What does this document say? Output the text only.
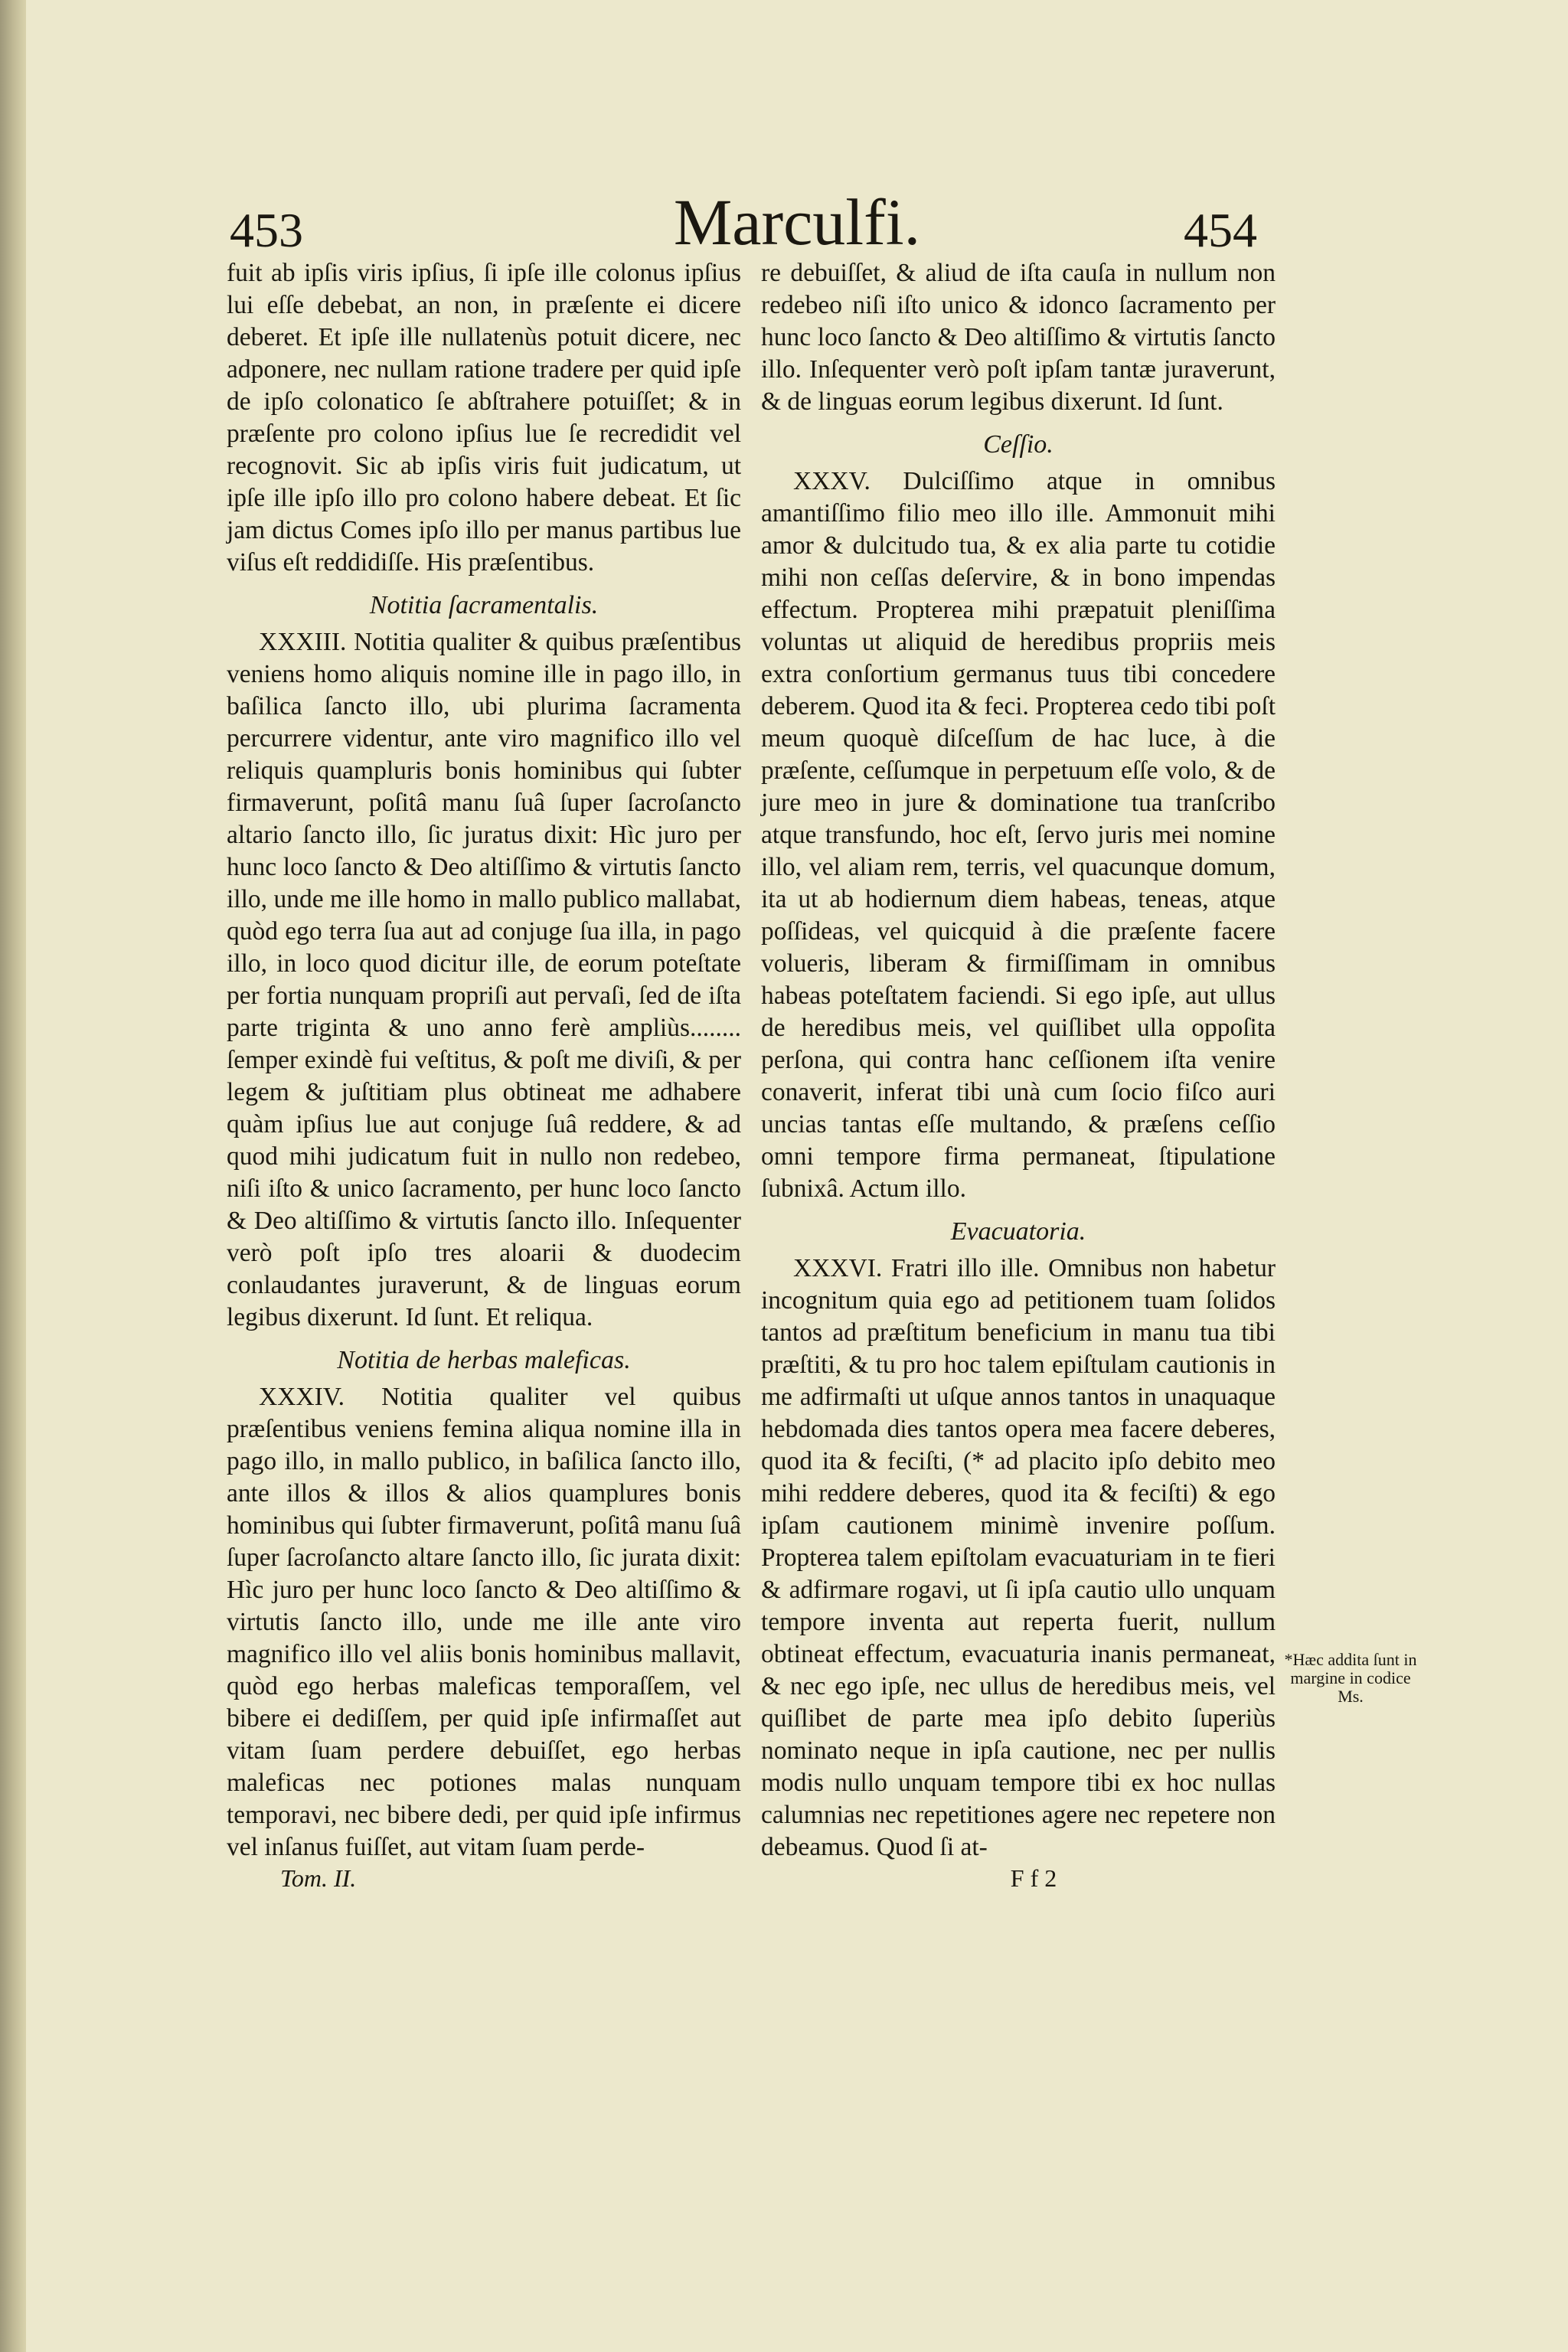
453	Marculfi.	454

fuit ab ipſis viris ipſius, ſi ipſe ille colonus ipſius lui eſſe debebat, an non, in præſente ei dicere deberet. Et ipſe ille nullatenùs potuit dicere, nec adponere, nec nullam ratione tradere per quid ipſe de ipſo colonatico ſe abſtrahere potuiſſet; & in præſente pro colono ipſius lue ſe recredidit vel recognovit. Sic ab ipſis viris fuit judicatum, ut ipſe ille ipſo illo pro colono habere debeat. Et ſic jam dictus Comes ipſo illo per manus partibus lue viſus eſt reddidiſſe. His præſentibus.

Notitia ſacramentalis.

XXXIII. Notitia qualiter & quibus præſentibus veniens homo aliquis nomine ille in pago illo, in baſilica ſancto illo, ubi plurima ſacramenta percurrere videntur, ante viro magnifico illo vel reliquis quampluris bonis hominibus qui ſubter firmaverunt, poſitâ manu ſuâ ſuper ſacroſancto altario ſancto illo, ſic juratus dixit: Hìc juro per hunc loco ſancto & Deo altiſſimo & virtutis ſancto illo, unde me ille homo in mallo publico mallabat, quòd ego terra ſua aut ad conjuge ſua illa, in pago illo, in loco quod dicitur ille, de eorum poteſtate per fortia nunquam propriſi aut pervaſi, ſed de iſta parte triginta & uno anno ferè ampliùs........ ſemper exindè fui veſtitus, & poſt me diviſi, & per legem & juſtitiam plus obtineat me adhabere quàm ipſius lue aut conjuge ſuâ reddere, & ad quod mihi judicatum fuit in nullo non redebeo, niſi iſto & unico ſacramento, per hunc loco ſancto & Deo altiſſimo & virtutis ſancto illo. Inſequenter verò poſt ipſo tres aloarii & duodecim conlaudantes juraverunt, & de linguas eorum legibus dixerunt. Id ſunt. Et reliqua.

Notitia de herbas maleficas.

XXXIV. Notitia qualiter vel quibus præſentibus veniens femina aliqua nomine illa in pago illo, in mallo publico, in baſilica ſancto illo, ante illos & illos & alios quamplures bonis hominibus qui ſubter firmaverunt, poſitâ manu ſuâ ſuper ſacroſancto altare ſancto illo, ſic jurata dixit: Hìc juro per hunc loco ſancto & Deo altiſſimo & virtutis ſancto illo, unde me ille ante viro magnifico illo vel aliis bonis hominibus mallavit, quòd ego herbas maleficas temporaſſem, vel bibere ei dediſſem, per quid ipſe infirmaſſet aut vitam ſuam perdere debuiſſet, ego herbas maleficas nec potiones malas nunquam temporavi, nec bibere dedi, per quid ipſe infirmus vel inſanus fuiſſet, aut vitam ſuam perde-

Tom. II.

re debuiſſet, & aliud de iſta cauſa in nullum non redebeo niſi iſto unico & idonco ſacramento per hunc loco ſancto & Deo altiſſimo & virtutis ſancto illo. Inſequenter verò poſt ipſam tantæ juraverunt, & de linguas eorum legibus dixerunt. Id ſunt.

Ceſſio.

XXXV. Dulciſſimo atque in omnibus amantiſſimo filio meo illo ille. Ammonuit mihi amor & dulcitudo tua, & ex alia parte tu cotidie mihi non ceſſas deſervire, & in bono impendas effectum. Propterea mihi præpatuit pleniſſima voluntas ut aliquid de heredibus propriis meis extra conſortium germanus tuus tibi concedere deberem. Quod ita & feci. Propterea cedo tibi poſt meum quoquè diſceſſum de hac luce, à die præſente, ceſſumque in perpetuum eſſe volo, & de jure meo in jure & dominatione tua tranſcribo atque transfundo, hoc eſt, ſervo juris mei nomine illo, vel aliam rem, terris, vel quacunque domum, ita ut ab hodiernum diem habeas, teneas, atque poſſideas, vel quicquid à die præſente facere volueris, liberam & firmiſſimam in omnibus habeas poteſtatem faciendi. Si ego ipſe, aut ullus de heredibus meis, vel quiſlibet ulla oppoſita perſona, qui contra hanc ceſſionem iſta venire conaverit, inferat tibi unà cum ſocio fiſco auri uncias tantas eſſe multando, & præſens ceſſio omni tempore firma permaneat, ſtipulatione ſubnixâ. Actum illo.

Evacuatoria.

XXXVI. Fratri illo ille. Omnibus non habetur incognitum quia ego ad petitionem tuam ſolidos tantos ad præſtitum beneficium in manu tua tibi præſtiti, & tu pro hoc talem epiſtulam cautionis in me adfirmaſti ut uſque annos tantos in unaquaque hebdomada dies tantos opera mea facere deberes, quod ita & feciſti, (* ad placito ipſo debito meo mihi reddere deberes, quod ita & feciſti) & ego ipſam cautionem minimè invenire poſſum. Propterea talem epiſtolam evacuaturiam in te fieri & adfirmare rogavi, ut ſi ipſa cautio ullo unquam tempore inventa aut reperta fuerit, nullum obtineat effectum, evacuaturia inanis permaneat, & nec ego ipſe, nec ullus de heredibus meis, vel quiſlibet de parte mea ipſo debito ſuperiùs nominato neque in ipſa cautione, nec per nullis modis nullo unquam tempore tibi ex hoc nullas calumnias nec repetitiones agere nec repetere non debeamus. Quod ſi at-

F f 2
*Hæc addita ſunt in margine in codice Ms.
